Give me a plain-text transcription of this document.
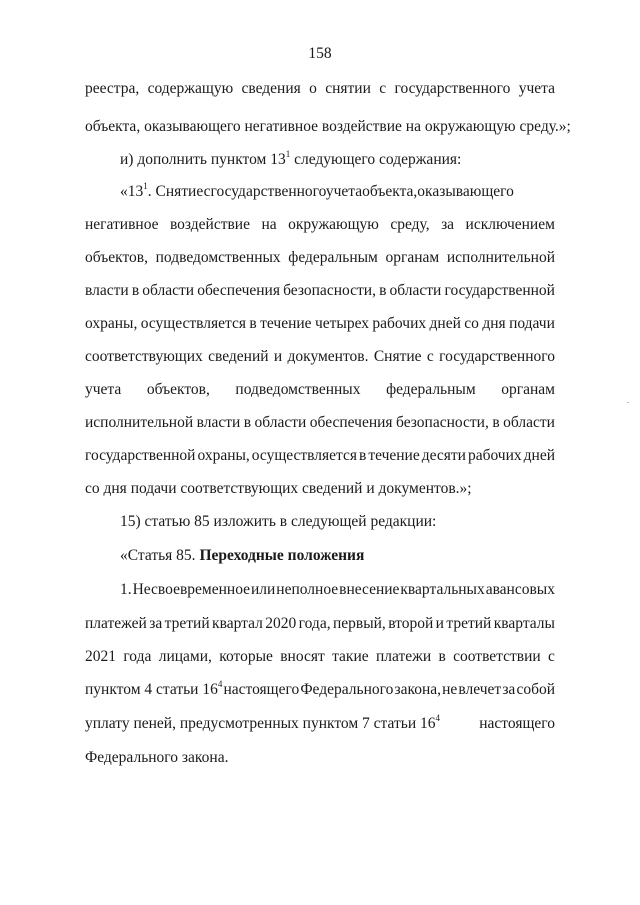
158
реестра, содержащую сведения о снятии с государственного учета
объекта, оказывающего негативное воздействие на окружающую среду.»;
и) дополнить пунктом $13^1$ следующего содержания:
«$13^1$. Снятиесгосударственногоучетаобъекта,оказывающего
негативное воздействие на окружающую среду, за исключением
объектов, подведомственных федеральным органам исполнительной
власти в области обеспечения безопасности, в области государственной
охраны, осуществляется в течение четырех рабочих дней со дня подачи
соответствующих сведений и документов. Снятие с государственного
учета объектов, подведомственных федеральным органам
исполнительной власти в области обеспечения безопасности, в области
государственной охраны, осуществляется в течение десяти рабочих дней
со дня подачи соответствующих сведений и документов.»;
15) статью 85 изложить в следующей редакции:
«Статья 85. Переходные положения
1. Несвоевременное или неполное внесение квартальных авансовых
платежей за третий квартал 2020 года, первый, второй и третий кварталы
2021 года лицами, которые вносят такие платежи в соответствии с
пунктом 4 статьи $16^4$ настоящего Федерального закона, не влечет за собой
уплату пеней, предусмотренных пунктом 7 статьи $16^4$	настоящего
Федерального закона.
